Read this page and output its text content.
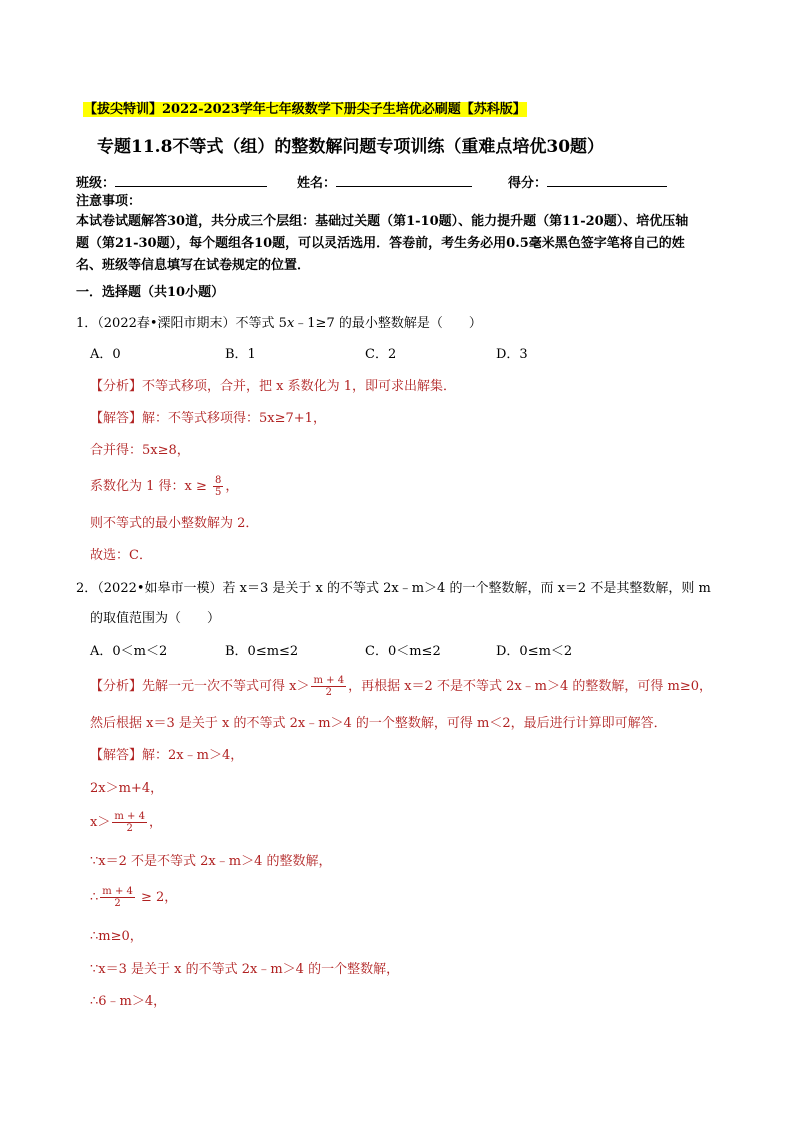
【拔尖特训】2022-2023学年七年级数学下册尖子生培优必刷题【苏科版】
专题11.8不等式（组）的整数解问题专项训练（重难点培优30题）
班级：	姓名：	得分：
注意事项：
本试卷试题解答30道，共分成三个层组：基础过关题（第1-10题）、能力提升题（第11-20题）、培优压轴
题（第21-30题），每个题组各10题，可以灵活选用．答卷前，考生务必用0.5毫米黑色签字笔将自己的姓
名、班级等信息填写在试卷规定的位置．
一．选择题（共10小题）
1．（2022春•溧阳市期末）不等式 5x﹣1≥7 的最小整数解是（　　）
A．0	B．1	C．2	D．3
【分析】不等式移项，合并，把 x 系数化为 1，即可求出解集．
【解答】解：不等式移项得：5x≥7+1，
合并得：5x≥8，
系数化为 1 得：$x \ge \frac{8}{5}$ ，
则不等式的最小整数解为 2．
故选：C．
2．（2022•如皋市一模）若 x＝3 是关于 x 的不等式 2x﹣m＞4 的一个整数解，而 x＝2 不是其整数解，则 m
的取值范围为（　　）
A．0＜m＜2	B．0≤m≤2	C．0＜m≤2	D．0≤m＜2
【分析】先解一元一次不等式可得 $x> \frac{m + 4}{2}$ ，再根据 x＝2 不是不等式 2x﹣m＞4 的整数解，可得 m≥0，
然后根据 x＝3 是关于 x 的不等式 2x﹣m＞4 的一个整数解，可得 m＜2，最后进行计算即可解答．
【解答】解：2x﹣m＞4，
2x＞m+4，
$x> \frac{m + 4}{2}$ ，
∵x＝2 不是不等式 2x﹣m＞4 的整数解，
∴ $\frac{m + 4}{2} \ge 2$，
∴m≥0，
∵x＝3 是关于 x 的不等式 2x﹣m＞4 的一个整数解，
∴6﹣m＞4，
